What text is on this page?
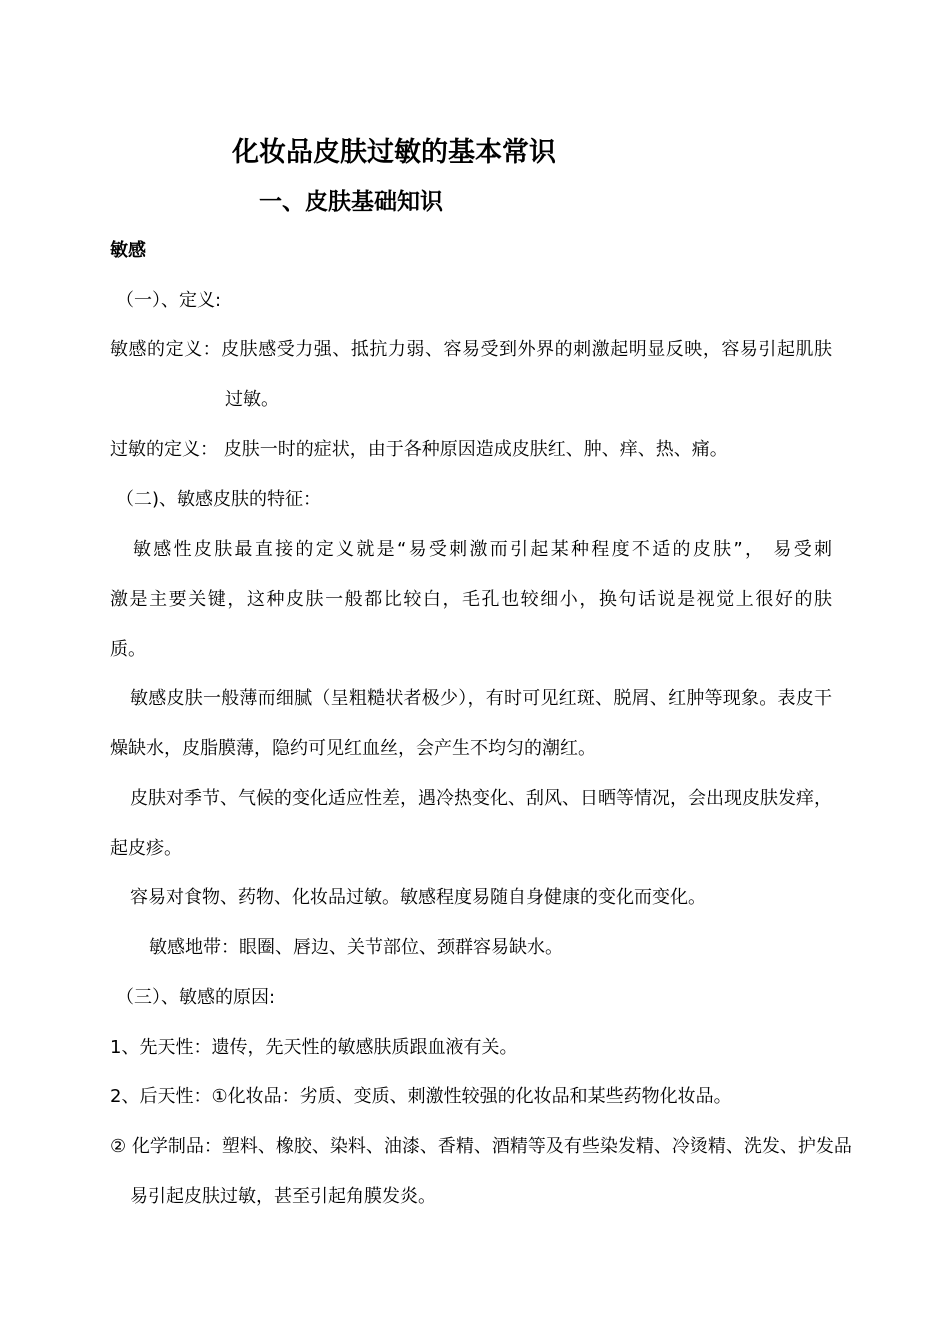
化妆品皮肤过敏的基本常识
一、皮肤基础知识
敏感
（一）、定义:
敏感的定义：皮肤感受力强、抵抗力弱、容易受到外界的刺激起明显反映，容易引起肌肤
过敏。
过敏的定义： 皮肤一时的症状，由于各种原因造成皮肤红、肿、痒、热、痛。
（二)、敏感皮肤的特征：
敏感性皮肤最直接的定义就是“易受刺激而引起某种程度不适的皮肤”， 易受刺
激是主要关键，这种皮肤一般都比较白，毛孔也较细小，换句话说是视觉上很好的肤
质。
敏感皮肤一般薄而细腻（呈粗糙状者极少），有时可见红斑、脱屑、红肿等现象。表皮干
燥缺水，皮脂膜薄，隐约可见红血丝，会产生不均匀的潮红。
皮肤对季节、气候的变化适应性差，遇冷热变化、刮风、日晒等情况，会出现皮肤发痒，
起皮疹。
容易对食物、药物、化妆品过敏。敏感程度易随自身健康的变化而变化。
敏感地带：眼圈、唇边、关节部位、颈群容易缺水。
（三）、敏感的原因:
1、先天性：遗传，先天性的敏感肤质跟血液有关。
2、后天性：①化妆品：劣质、变质、刺激性较强的化妆品和某些药物化妆品。
② 化学制品：塑料、橡胶、染料、油漆、香精、酒精等及有些染发精、冷烫精、洗发、护发品
易引起皮肤过敏，甚至引起角膜发炎。
